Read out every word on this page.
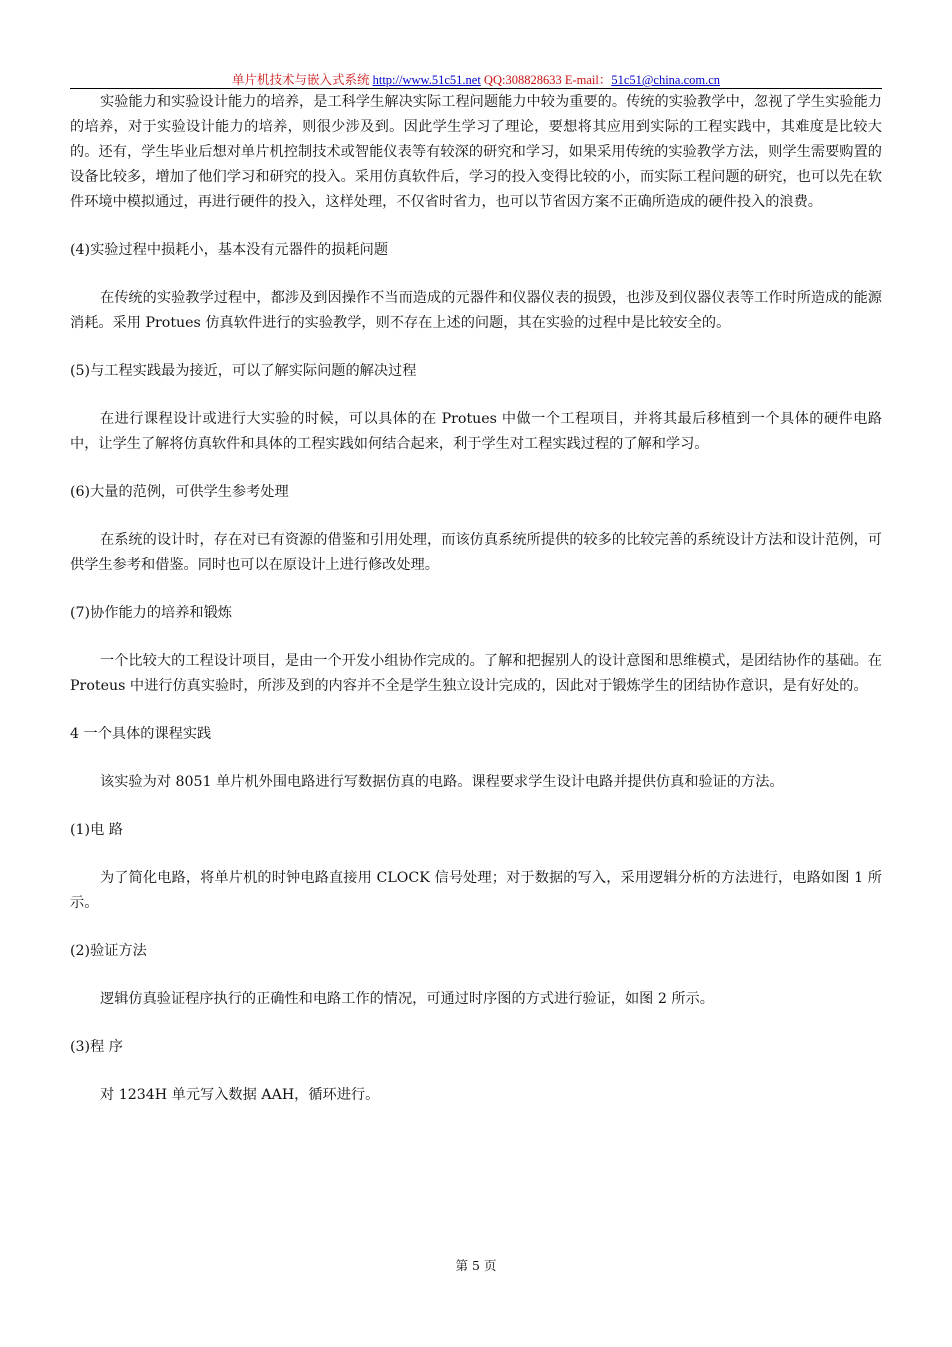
单片机技术与嵌入式系统 http://www.51c51.net QQ:308828633 E-mail：51c51@china.com.cn

实验能力和实验设计能力的培养，是工科学生解决实际工程问题能力中较为重要的。传统的实验教学中，忽视了学生实验能力的培养，对于实验设计能力的培养，则很少涉及到。因此学生学习了理论，要想将其应用到实际的工程实践中，其难度是比较大的。还有，学生毕业后想对单片机控制技术或智能仪表等有较深的研究和学习，如果采用传统的实验教学方法，则学生需要购置的设备比较多，增加了他们学习和研究的投入。采用仿真软件后，学习的投入变得比较的小，而实际工程问题的研究，也可以先在软件环境中模拟通过，再进行硬件的投入，这样处理，不仅省时省力，也可以节省因方案不正确所造成的硬件投入的浪费。

(4)实验过程中损耗小，基本没有元器件的损耗问题

在传统的实验教学过程中，都涉及到因操作不当而造成的元器件和仪器仪表的损毁，也涉及到仪器仪表等工作时所造成的能源消耗。采用 Protues 仿真软件进行的实验教学，则不存在上述的问题，其在实验的过程中是比较安全的。

(5)与工程实践最为接近，可以了解实际问题的解决过程

在进行课程设计或进行大实验的时候，可以具体的在 Protues 中做一个工程项目，并将其最后移植到一个具体的硬件电路中，让学生了解将仿真软件和具体的工程实践如何结合起来，利于学生对工程实践过程的了解和学习。

(6)大量的范例，可供学生参考处理

在系统的设计时，存在对已有资源的借鉴和引用处理，而该仿真系统所提供的较多的比较完善的系统设计方法和设计范例，可供学生参考和借鉴。同时也可以在原设计上进行修改处理。

(7)协作能力的培养和锻炼

一个比较大的工程设计项目，是由一个开发小组协作完成的。了解和把握别人的设计意图和思维模式，是团结协作的基础。在 Proteus 中进行仿真实验时，所涉及到的内容并不全是学生独立设计完成的，因此对于锻炼学生的团结协作意识，是有好处的。

4 一个具体的课程实践

该实验为对 8051 单片机外围电路进行写数据仿真的电路。课程要求学生设计电路并提供仿真和验证的方法。

(1)电 路

为了简化电路，将单片机的时钟电路直接用 CLOCK 信号处理；对于数据的写入，采用逻辑分析的方法进行，电路如图 1 所示。

(2)验证方法

逻辑仿真验证程序执行的正确性和电路工作的情况，可通过时序图的方式进行验证，如图 2 所示。

(3)程 序

对 1234H 单元写入数据 AAH，循环进行。

第 5 页
